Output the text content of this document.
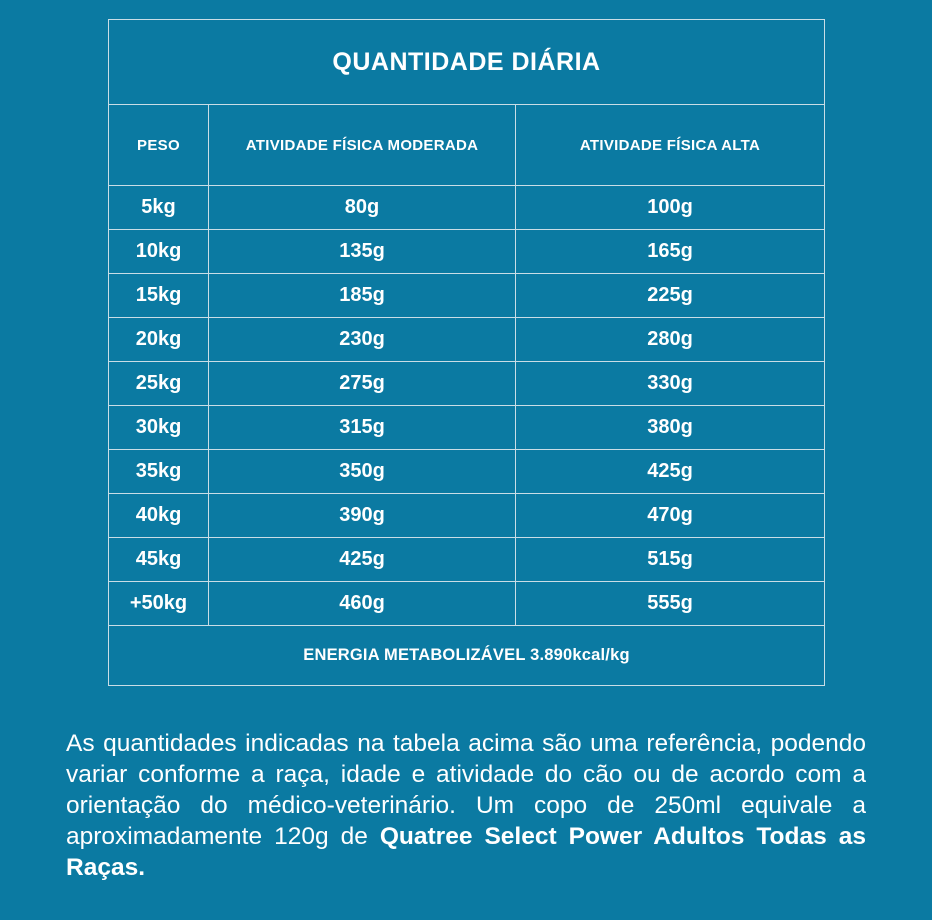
QUANTIDADE DIÁRIA		
PESO	ATIVIDADE FÍSICA MODERADA	ATIVIDADE FÍSICA ALTA
5kg	80g	100g
10kg	135g	165g
15kg	185g	225g
20kg	230g	280g
25kg	275g	330g
30kg	315g	380g
35kg	350g	425g
40kg	390g	470g
45kg	425g	515g
+50kg	460g	555g
ENERGIA METABOLIZÁVEL 3.890kcal/kg		

As quantidades indicadas na tabela acima são uma referência, podendo variar conforme a raça, idade e atividade do cão ou de acordo com a orientação do médico-veterinário. Um copo de 250ml equivale a aproximadamente 120g de Quatree Select Power Adultos Todas as Raças.
